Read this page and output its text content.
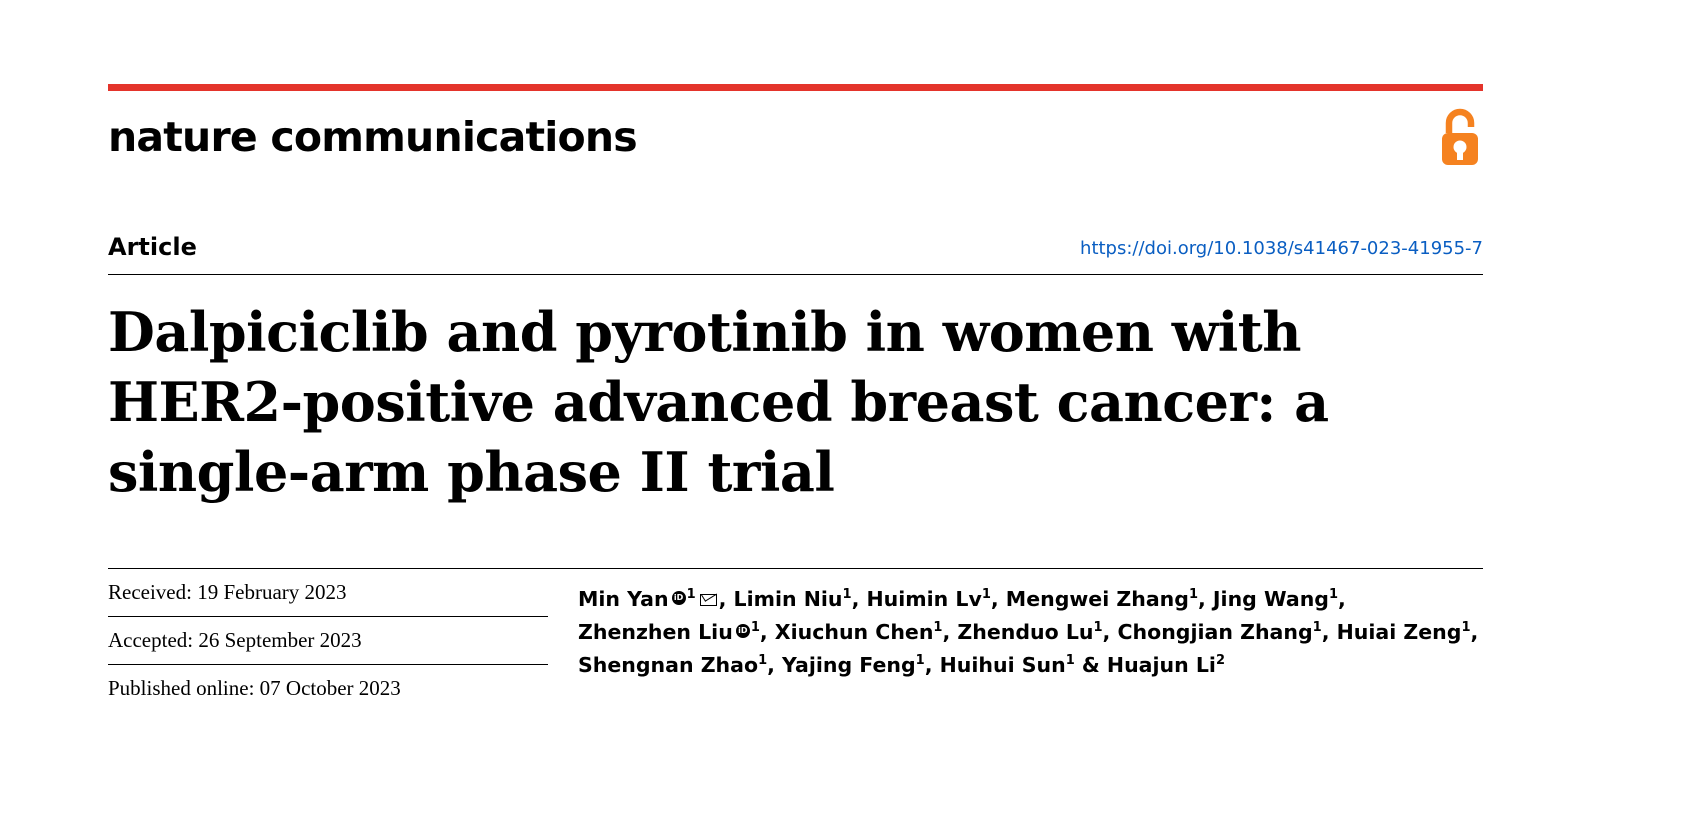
nature communications
Article	https://doi.org/10.1038/s41467-023-41955-7
Dalpiciclib and pyrotinib in women with HER2-positive advanced breast cancer: a single-arm phase II trial
Received: 19 February 2023
Accepted: 26 September 2023
Published online: 07 October 2023
Min Yan iD $^1$ , Limin Niu$^1$, Huimin Lv$^1$, Mengwei Zhang$^1$, Jing Wang$^1$,
Zhenzhen Liu iD $^1$, Xiuchun Chen$^1$, Zhenduo Lu$^1$, Chongjian Zhang$^1$, Huiai Zeng$^1$,
Shengnan Zhao$^1$, Yajing Feng$^1$, Huihui Sun$^1$ & Huajun Li$^2$
